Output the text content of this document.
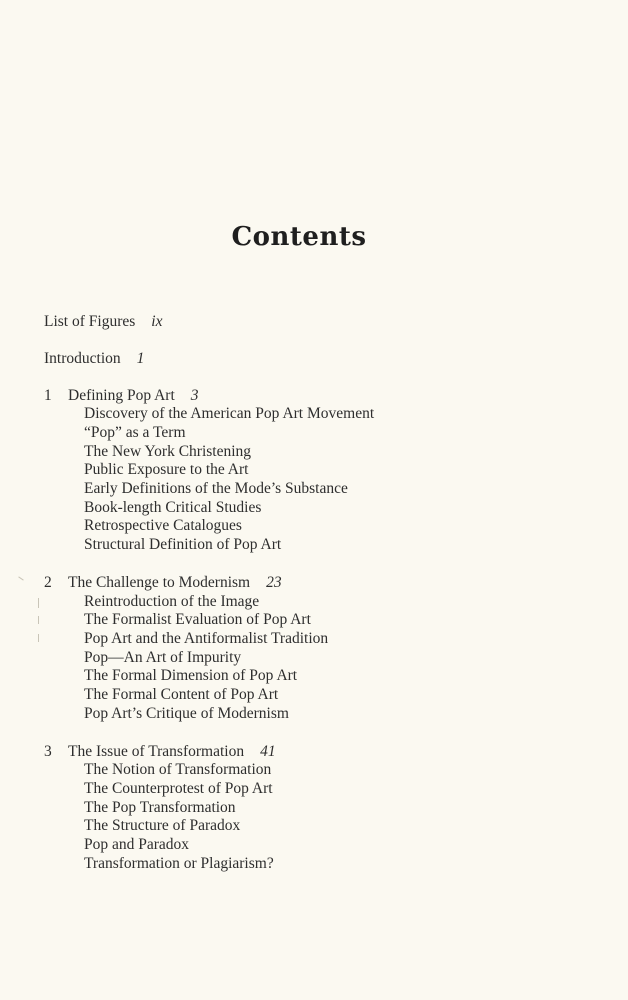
Contents
List of Figures ix
Introduction 1
1 Defining Pop Art 3
Discovery of the American Pop Art Movement
“Pop” as a Term
The New York Christening
Public Exposure to the Art
Early Definitions of the Mode’s Substance
Book-length Critical Studies
Retrospective Catalogues
Structural Definition of Pop Art
2 The Challenge to Modernism 23
Reintroduction of the Image
The Formalist Evaluation of Pop Art
Pop Art and the Antiformalist Tradition
Pop—An Art of Impurity
The Formal Dimension of Pop Art
The Formal Content of Pop Art
Pop Art’s Critique of Modernism
3 The Issue of Transformation 41
The Notion of Transformation
The Counterprotest of Pop Art
The Pop Transformation
The Structure of Paradox
Pop and Paradox
Transformation or Plagiarism?
